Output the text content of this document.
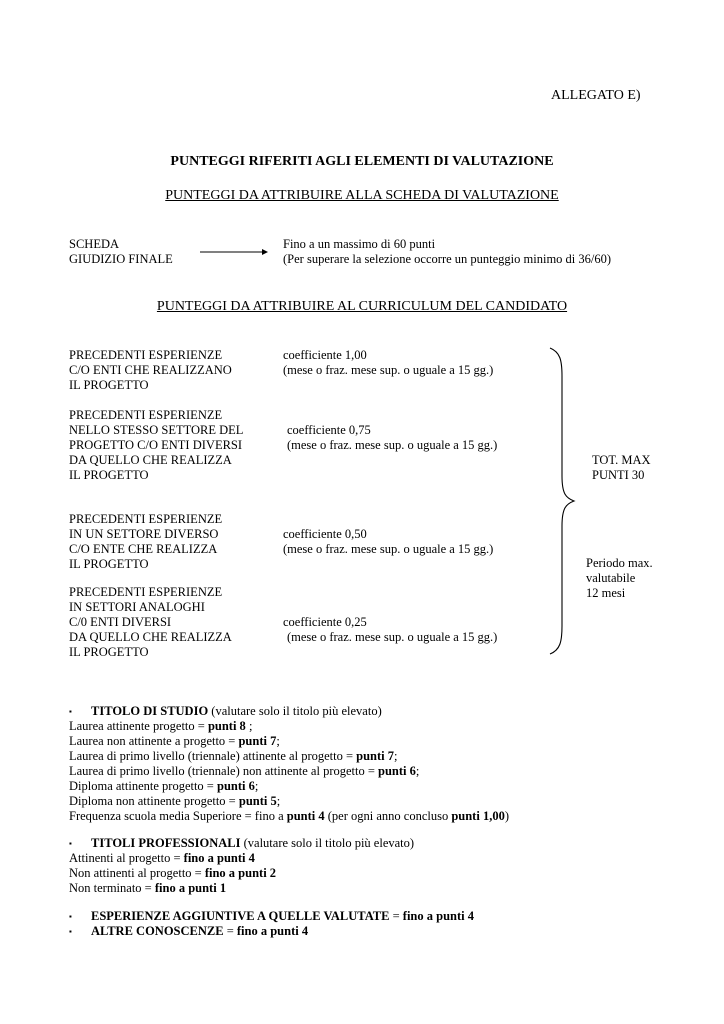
ALLEGATO E)
PUNTEGGI RIFERITI AGLI ELEMENTI DI VALUTAZIONE
PUNTEGGI DA ATTRIBUIRE ALLA SCHEDA DI VALUTAZIONE
SCHEDA
GIUDIZIO FINALE
Fino a un massimo di 60 punti
(Per superare la selezione occorre un punteggio minimo di 36/60)
PUNTEGGI DA ATTRIBUIRE AL CURRICULUM DEL CANDIDATO
PRECEDENTI ESPERIENZE
C/O ENTI CHE REALIZZANO
IL PROGETTO
coefficiente 1,00
(mese o fraz. mese sup. o uguale a 15 gg.)
PRECEDENTI ESPERIENZE
NELLO STESSO SETTORE DEL
PROGETTO C/O ENTI DIVERSI
DA QUELLO CHE REALIZZA
IL PROGETTO
coefficiente 0,75
(mese o fraz. mese sup. o uguale a 15 gg.)
PRECEDENTI ESPERIENZE
IN UN SETTORE DIVERSO
C/O ENTE CHE REALIZZA
IL PROGETTO
coefficiente 0,50
(mese o fraz. mese sup. o uguale a 15 gg.)
PRECEDENTI ESPERIENZE
IN SETTORI ANALOGHI
C/0 ENTI DIVERSI
DA QUELLO CHE REALIZZA
IL PROGETTO
coefficiente 0,25
(mese o fraz. mese sup. o uguale a 15 gg.)
TOT. MAX
PUNTI 30
Periodo max.
valutabile
12 mesi
▪ TITOLO DI STUDIO (valutare solo il titolo più elevato)
Laurea attinente progetto = punti 8 ;
Laurea non attinente a progetto = punti 7;
Laurea di primo livello (triennale) attinente al progetto = punti 7;
Laurea di primo livello (triennale) non attinente al progetto = punti 6;
Diploma attinente progetto = punti 6;
Diploma non attinente progetto = punti 5;
Frequenza scuola media Superiore = fino a punti 4 (per ogni anno concluso punti 1,00)
▪ TITOLI PROFESSIONALI (valutare solo il titolo più elevato)
Attinenti al progetto = fino a punti 4
Non attinenti al progetto = fino a punti 2
Non terminato = fino a punti 1
▪ ESPERIENZE AGGIUNTIVE A QUELLE VALUTATE = fino a punti 4
▪ ALTRE CONOSCENZE = fino a punti 4
